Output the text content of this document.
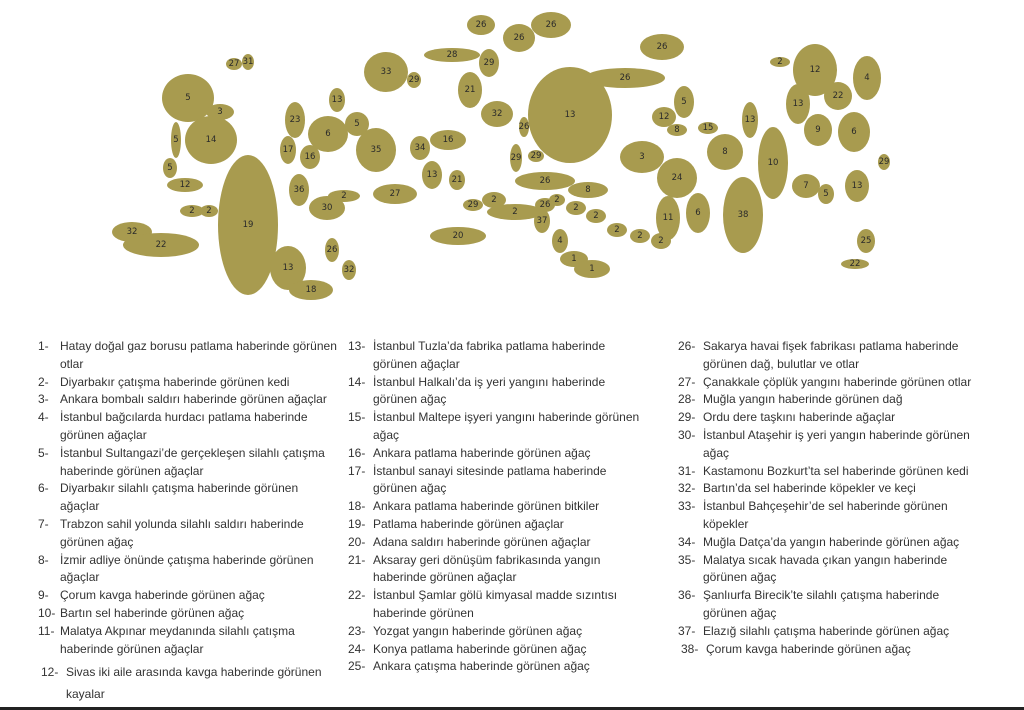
26
26
26
26
27 31
28
29
33
29
5
3
13
14
5
5
12
2 2
19
21
32	13
26
23
6
5
17
16
35	34
16
13 21
36
2	27
30
32
22	26
13
18
32
20
26
12
8
5
3
15
13
13
12
22
4
9	6
8
24
29 29
7
5
13
26
8
2
29
2
26
37
2
2
2
2
2 2
11	6	38
4
1
1
10
25
22
29
2
1- Hatay doğal gaz borusu patlama haberinde görünen otlar
2- Diyarbakır çatışma haberinde görünen kedi
3- Ankara bombalı saldırı haberinde görünen ağaçlar
4- İstanbul bağcılarda hurdacı patlama haberinde görünen ağaçlar
5- İstanbul Sultangazi’de gerçekleşen silahlı çatışma haberinde görünen ağaçlar
6- Diyarbakır silahlı çatışma haberinde görünen ağaçlar
7- Trabzon sahil yolunda silahlı saldırı haberinde görünen ağaç
8- İzmir adliye önünde çatışma haberinde görünen ağaçlar
9- Çorum kavga haberinde görünen ağaç
10- Bartın sel haberinde görünen ağaç
11- Malatya Akpınar meydanında silahlı çatışma haberinde görünen ağaçlar
12- Sivas iki aile arasında kavga haberinde görünen
kayalar
13- İstanbul Tuzla’da fabrika patlama haberinde görünen ağaçlar
14- İstanbul Halkalı’da iş yeri yangını haberinde görünen ağaç
15- İstanbul Maltepe işyeri yangını haberinde görünen ağaç
16- Ankara patlama haberinde görünen ağaç
17- İstanbul sanayi sitesinde patlama haberinde görünen ağaç
18- Ankara patlama haberinde görünen bitkiler
19- Patlama haberinde görünen ağaçlar
20- Adana saldırı haberinde görünen ağaçlar
21- Aksaray geri dönüşüm fabrikasında yangın haberinde görünen ağaçlar
22- İstanbul Şamlar gölü kimyasal madde sızıntısı haberinde görünen
23- Yozgat yangın haberinde görünen ağaç
24- Konya patlama haberinde görünen ağaç
25- Ankara çatışma haberinde görünen ağaç
26- Sakarya havai fişek fabrikası patlama haberinde görünen dağ, bulutlar ve otlar
27- Çanakkale çöplük yangını haberinde görünen otlar
28- Muğla yangın haberinde görünen dağ
29- Ordu dere taşkını haberinde ağaçlar
30- İstanbul Ataşehir iş yeri yangın haberinde görünen ağaç
31- Kastamonu Bozkurt’ta sel haberinde görünen kedi
32- Bartın’da sel haberinde köpekler ve keçi
33- İstanbul Bahçeşehir’de sel haberinde görünen köpekler
34- Muğla Datça’da yangın haberinde görünen ağaç
35- Malatya sıcak havada çıkan yangın haberinde görünen ağaç
36- Şanlıurfa Birecik’te silahlı çatışma haberinde görünen ağaç
37- Elazığ silahlı çatışma haberinde görünen ağaç
38- Çorum kavga haberinde görünen ağaç
